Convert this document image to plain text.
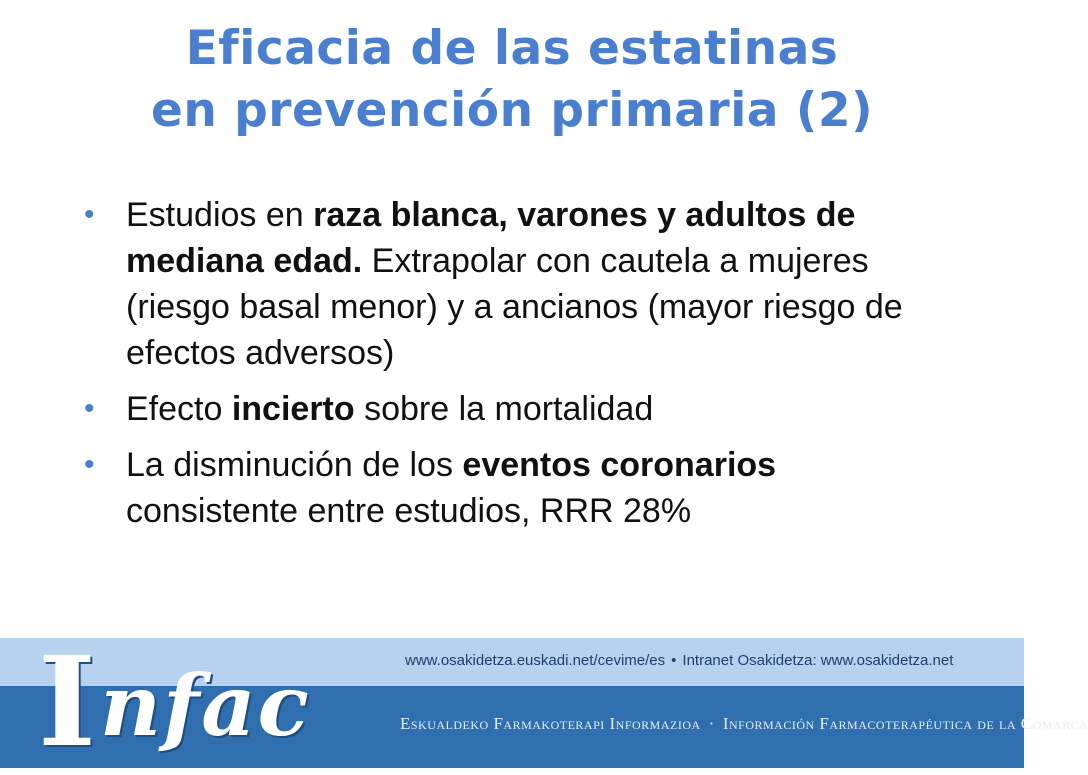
Eficacia de las estatinas
en prevención primaria (2)
• Estudios en raza blanca, varones y adultos de mediana edad. Extrapolar con cautela a mujeres (riesgo basal menor) y a ancianos (mayor riesgo de efectos adversos)
• Efecto incierto sobre la mortalidad
• La disminución de los eventos coronarios consistente entre estudios, RRR 28%
Infac	www.osakidetza.euskadi.net/cevime/es • Intranet Osakidetza: www.osakidetza.net
Eskualdeko Farmakoterapi Informazioa · Información Farmacoterapéutica de la Comarca
